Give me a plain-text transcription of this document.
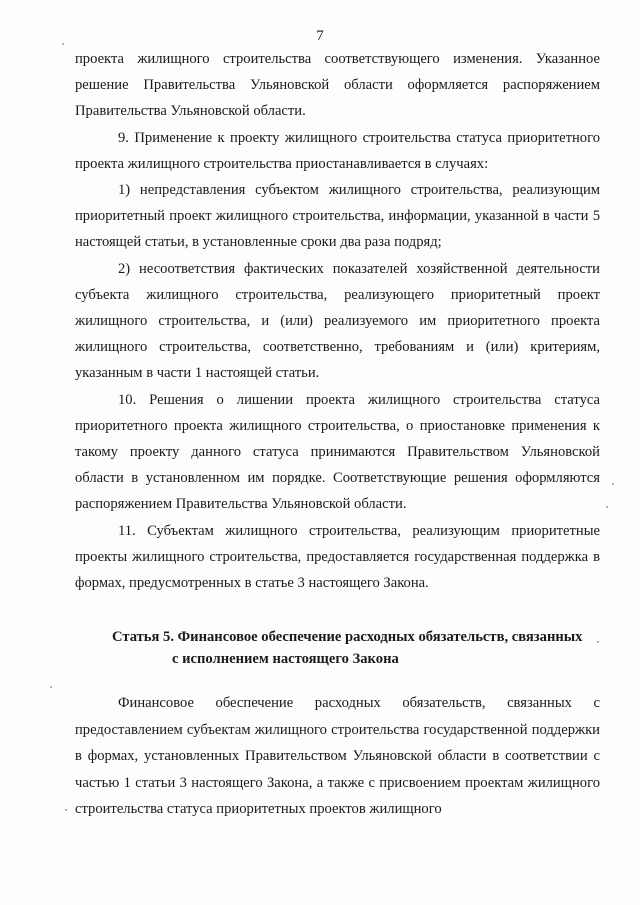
7

проекта жилищного строительства соответствующего изменения. Указанное решение Правительства Ульяновской области оформляется распоряжением Правительства Ульяновской области.

9. Применение к проекту жилищного строительства статуса приоритетного проекта жилищного строительства приостанавливается в случаях:

1) непредставления субъектом жилищного строительства, реализующим приоритетный проект жилищного строительства, информации, указанной в части 5 настоящей статьи, в установленные сроки два раза подряд;

2) несоответствия фактических показателей хозяйственной деятельности субъекта жилищного строительства, реализующего приоритетный проект жилищного строительства, и (или) реализуемого им приоритетного проекта жилищного строительства, соответственно, требованиям и (или) критериям, указанным в части 1 настоящей статьи.

10. Решения о лишении проекта жилищного строительства статуса приоритетного проекта жилищного строительства, о приостановке применения к такому проекту данного статуса принимаются Правительством Ульяновской области в установленном им порядке. Соответствующие решения оформляются распоряжением Правительства Ульяновской области.

11. Субъектам жилищного строительства, реализующим приоритетные проекты жилищного строительства, предоставляется государственная поддержка в формах, предусмотренных в статье 3 настоящего Закона.

Статья 5. Финансовое обеспечение расходных обязательств, связанных
с исполнением настоящего Закона

Финансовое обеспечение расходных обязательств, связанных с предоставлением субъектам жилищного строительства государственной поддержки в формах, установленных Правительством Ульяновской области в соответствии с частью 1 статьи 3 настоящего Закона, а также с присвоением проектам жилищного строительства статуса приоритетных проектов жилищного
